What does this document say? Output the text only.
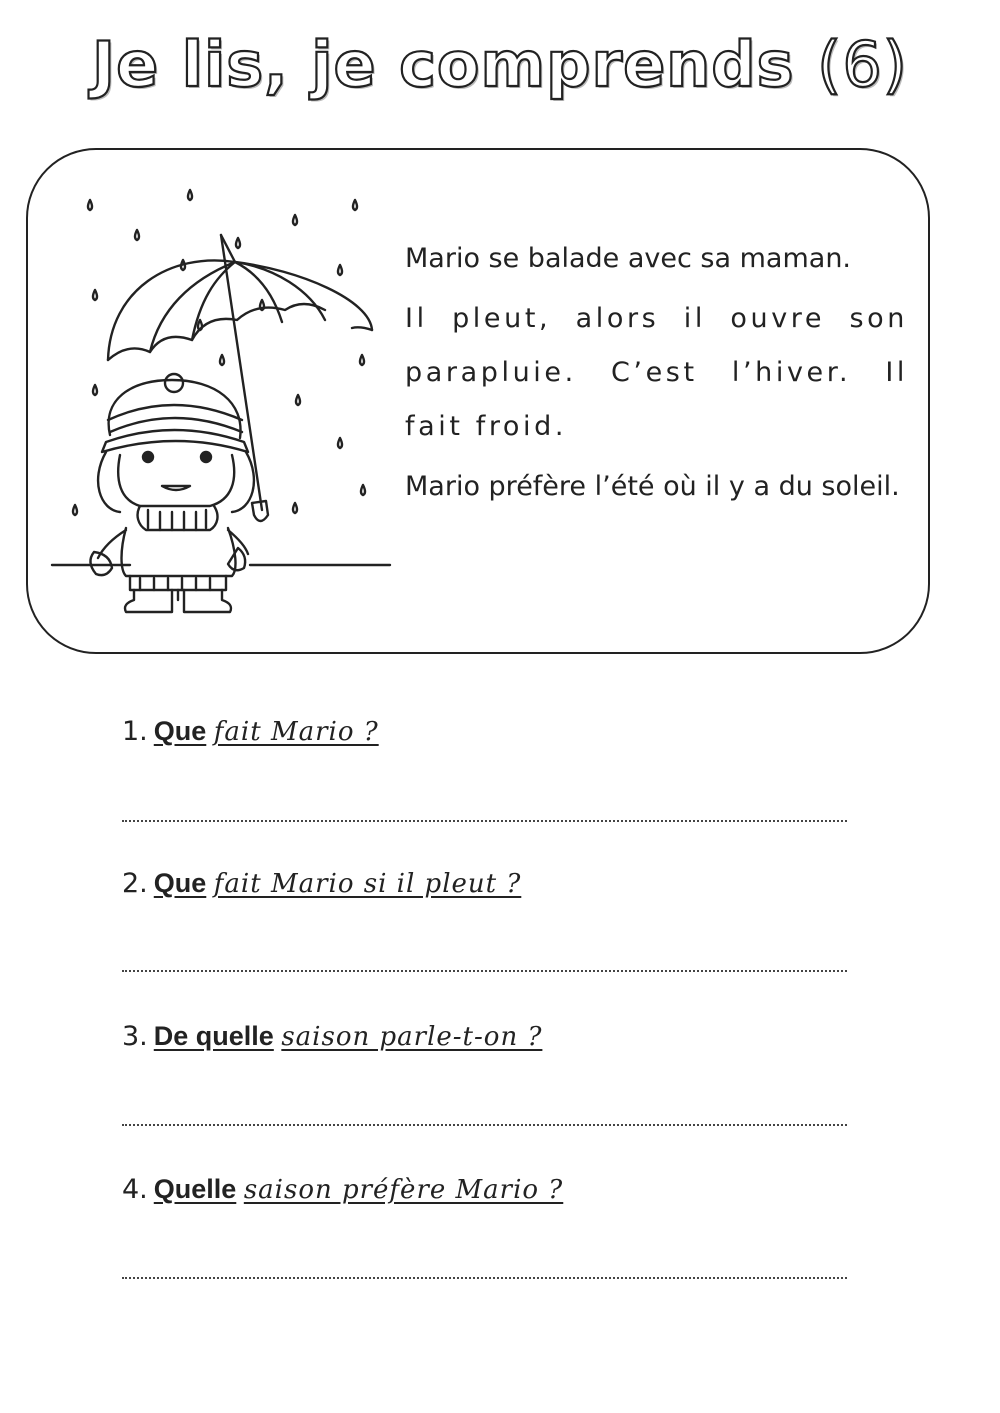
Je lis, je comprends (6)

Mario se balade avec sa maman.

Il pleut, alors il ouvre son parapluie. C’est l’hiver. Il fait froid.

Mario préfère l’été où il y a du soleil.

1. Que fait Mario ?
2. Que fait Mario si il pleut ?
3. De quelle saison parle-t-on ?
4. Quelle saison préfère Mario ?
